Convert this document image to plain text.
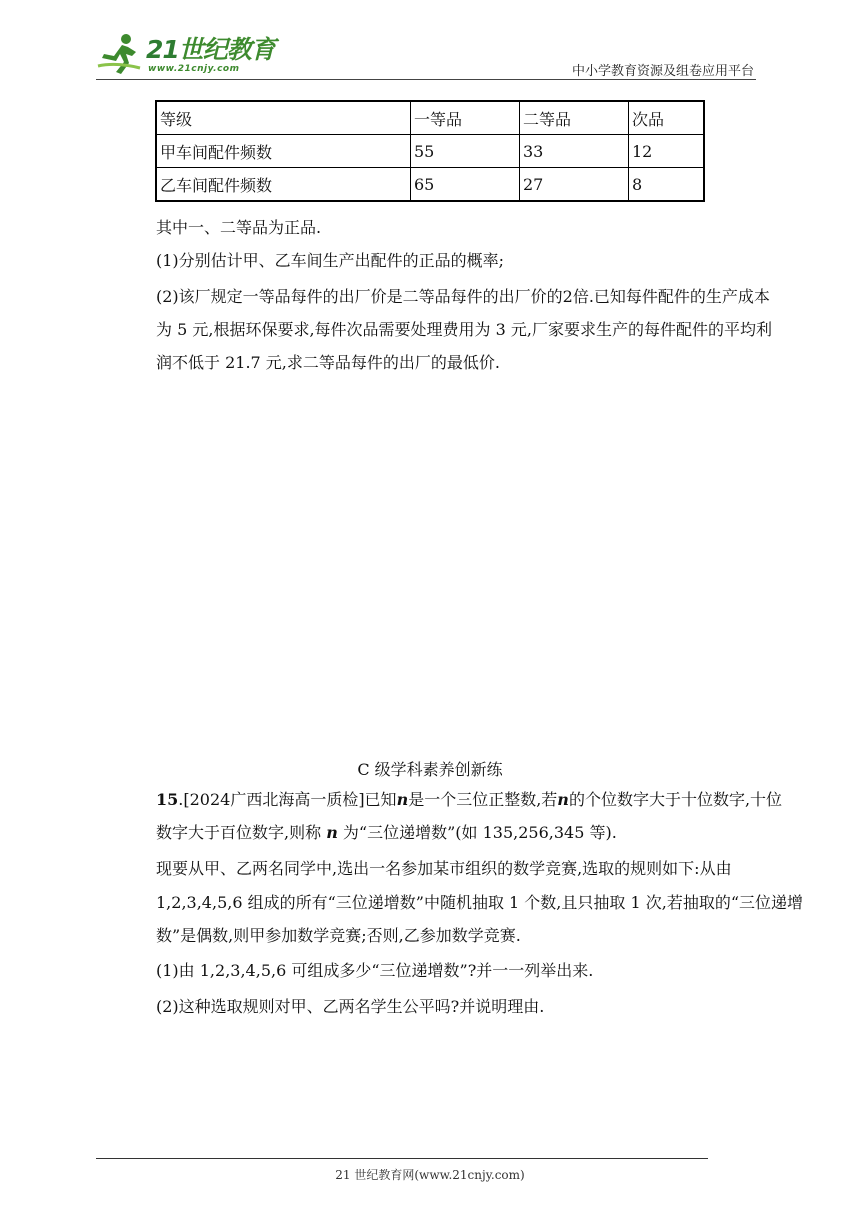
21世纪教育
www.21cnjy.com	中小学教育资源及组卷应用平台
等级	一等品	二等品	次品
甲车间配件频数	55	33	12
乙车间配件频数	65	27	8
其中一、二等品为正品.
(1)分别估计甲、乙车间生产出配件的正品的概率;
(2)该厂规定一等品每件的出厂价是二等品每件的出厂价的2倍.已知每件配件的生产成本
为 5 元,根据环保要求,每件次品需要处理费用为 3 元,厂家要求生产的每件配件的平均利
润不低于 21.7 元,求二等品每件的出厂的最低价.
C 级学科素养创新练
15.[2024广西北海高一质检]已知n是一个三位正整数,若n的个位数字大于十位数字,十位
数字大于百位数字,则称 n 为“三位递增数”(如 135,256,345 等).
现要从甲、乙两名同学中,选出一名参加某市组织的数学竞赛,选取的规则如下:从由
1,2,3,4,5,6 组成的所有“三位递增数”中随机抽取 1 个数,且只抽取 1 次,若抽取的“三位递增
数”是偶数,则甲参加数学竞赛;否则,乙参加数学竞赛.
(1)由 1,2,3,4,5,6 可组成多少“三位递增数”?并一一列举出来.
(2)这种选取规则对甲、乙两名学生公平吗?并说明理由.
21 世纪教育网(www.21cnjy.com)
